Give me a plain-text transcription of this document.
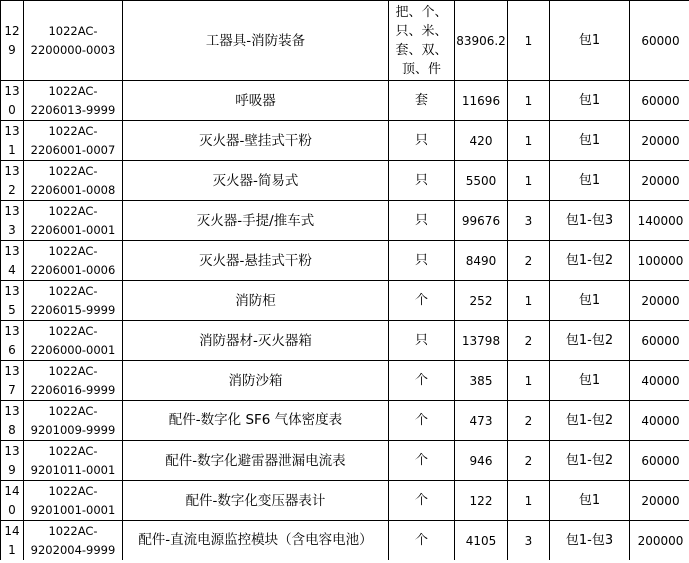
129	1022AC-2200000-0003	工器具-消防装备	把、个、只、米、套、双、顶、件	83906.2	1	包1	60000
130	1022AC-2206013-9999	呼吸器	套	11696	1	包1	60000
131	1022AC-2206001-0007	灭火器-壁挂式干粉	只	420	1	包1	20000
132	1022AC-2206001-0008	灭火器-简易式	只	5500	1	包1	20000
133	1022AC-2206001-0001	灭火器-手提/推车式	只	99676	3	包1-包3	140000
134	1022AC-2206001-0006	灭火器-悬挂式干粉	只	8490	2	包1-包2	100000
135	1022AC-2206015-9999	消防柜	个	252	1	包1	20000
136	1022AC-2206000-0001	消防器材-灭火器箱	只	13798	2	包1-包2	60000
137	1022AC-2206016-9999	消防沙箱	个	385	1	包1	40000
138	1022AC-9201009-9999	配件-数字化 SF6 气体密度表	个	473	2	包1-包2	40000
139	1022AC-9201011-0001	配件-数字化避雷器泄漏电流表	个	946	2	包1-包2	60000
140	1022AC-9201001-0001	配件-数字化变压器表计	个	122	1	包1	20000
141	1022AC-9202004-9999	配件-直流电源监控模块（含电容电池）	个	4105	3	包1-包3	200000
